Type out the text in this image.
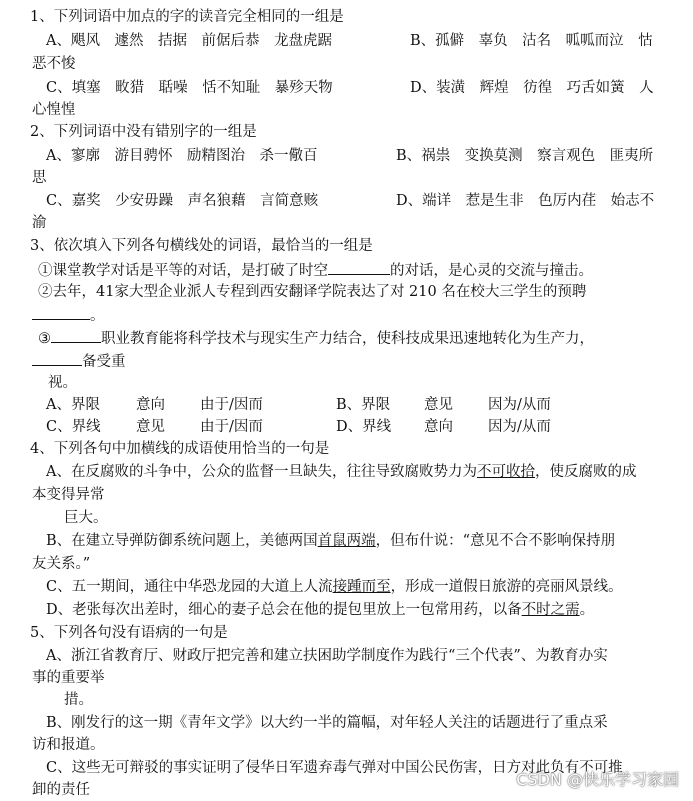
1、下列词语中加点的字的读音完全相同的一组是
A、飓风　遽然　拮据　前倨后恭　龙盘虎踞	B、孤僻　辜负　沽名　呱呱而泣　怙
恶不悛
C、填塞　畋猎　聒噪　恬不知耻　暴殄天物	D、装潢　辉煌　彷徨　巧舌如簧　人
心惶惶
2、下列词语中没有错别字的一组是
A、寥廓　游目骋怀　励精图治　杀一儆百	B、祸祟　变换莫测　察言观色　匪夷所
思
C、嘉奖　少安毋躁　声名狼藉　言简意赅	D、端详　惹是生非　色厉内荏　始志不
渝
3、依次填入下列各句横线处的词语，最恰当的一组是
①课堂教学对话是平等的对话，是打破了时空	的对话，是心灵的交流与撞击。
②去年，41家大型企业派人专程到西安翻译学院表达了对 210 名在校大三学生的预聘
。
③	职业教育能将科学技术与现实生产力结合，使科技成果迅速地转化为生产力，
备受重
视。
A、界限 意向 由于/因而	B、界限 意见 因为/从而
C、界线 意见 由于/因而	D、界线 意向 因为/从而
4、下列各句中加横线的成语使用恰当的一句是
A、在反腐败的斗争中，公众的监督一旦缺失，往往导致腐败势力为不可收拾，使反腐败的成
本变得异常
巨大。
B、在建立导弹防御系统问题上，美德两国首鼠两端，但布什说：“意见不合不影响保持朋
友关系。”
C、五一期间，通往中华恐龙园的大道上人流接踵而至，形成一道假日旅游的亮丽风景线。
D、老张每次出差时，细心的妻子总会在他的提包里放上一包常用药，以备不时之需。
5、下列各句没有语病的一句是
A、浙江省教育厅、财政厅把完善和建立扶困助学制度作为践行“三个代表”、为教育办实
事的重要举
措。
B、刚发行的这一期《青年文学》以大约一半的篇幅，对年轻人关注的话题进行了重点采
访和报道。
C、这些无可辩驳的事实证明了侵华日军遗弃毒气弹对中国公民伤害，日方对此负有不可推
卸的责任
CSDN @快乐学习家园
